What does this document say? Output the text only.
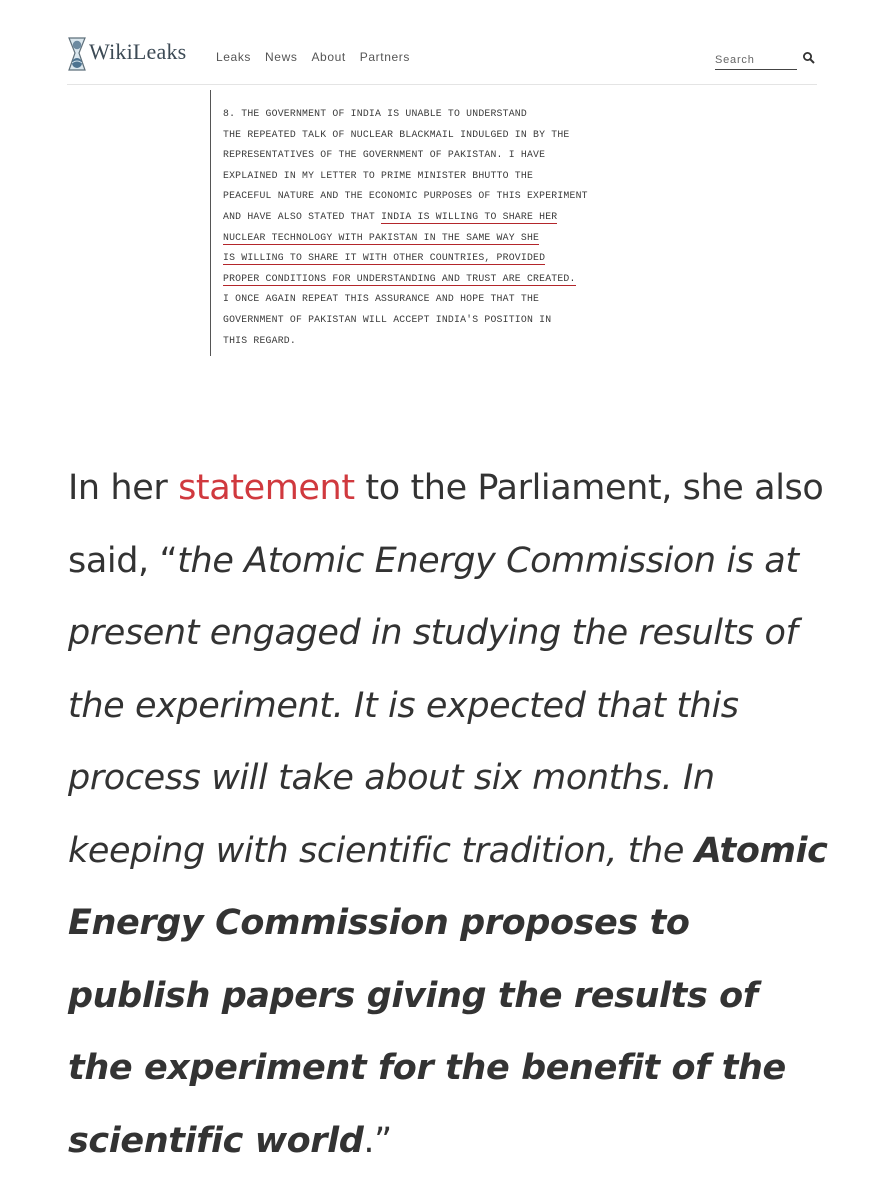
WikiLeaks Leaks News About Partners
Search
8. THE GOVERNMENT OF INDIA IS UNABLE TO UNDERSTAND
THE REPEATED TALK OF NUCLEAR BLACKMAIL INDULGED IN BY THE
REPRESENTATIVES OF THE GOVERNMENT OF PAKISTAN. I HAVE
EXPLAINED IN MY LETTER TO PRIME MINISTER BHUTTO THE
PEACEFUL NATURE AND THE ECONOMIC PURPOSES OF THIS EXPERIMENT
AND HAVE ALSO STATED THAT INDIA IS WILLING TO SHARE HER
NUCLEAR TECHNOLOGY WITH PAKISTAN IN THE SAME WAY SHE
IS WILLING TO SHARE IT WITH OTHER COUNTRIES, PROVIDED
PROPER CONDITIONS FOR UNDERSTANDING AND TRUST ARE CREATED.
I ONCE AGAIN REPEAT THIS ASSURANCE AND HOPE THAT THE
GOVERNMENT OF PAKISTAN WILL ACCEPT INDIA'S POSITION IN
THIS REGARD.

In her statement to the Parliament, she also said, “the Atomic Energy Commission is at present engaged in studying the results of the experiment. It is expected that this process will take about six months. In keeping with scientific tradition, the Atomic Energy Commission proposes to publish papers giving the results of the experiment for the benefit of the scientific world.”
